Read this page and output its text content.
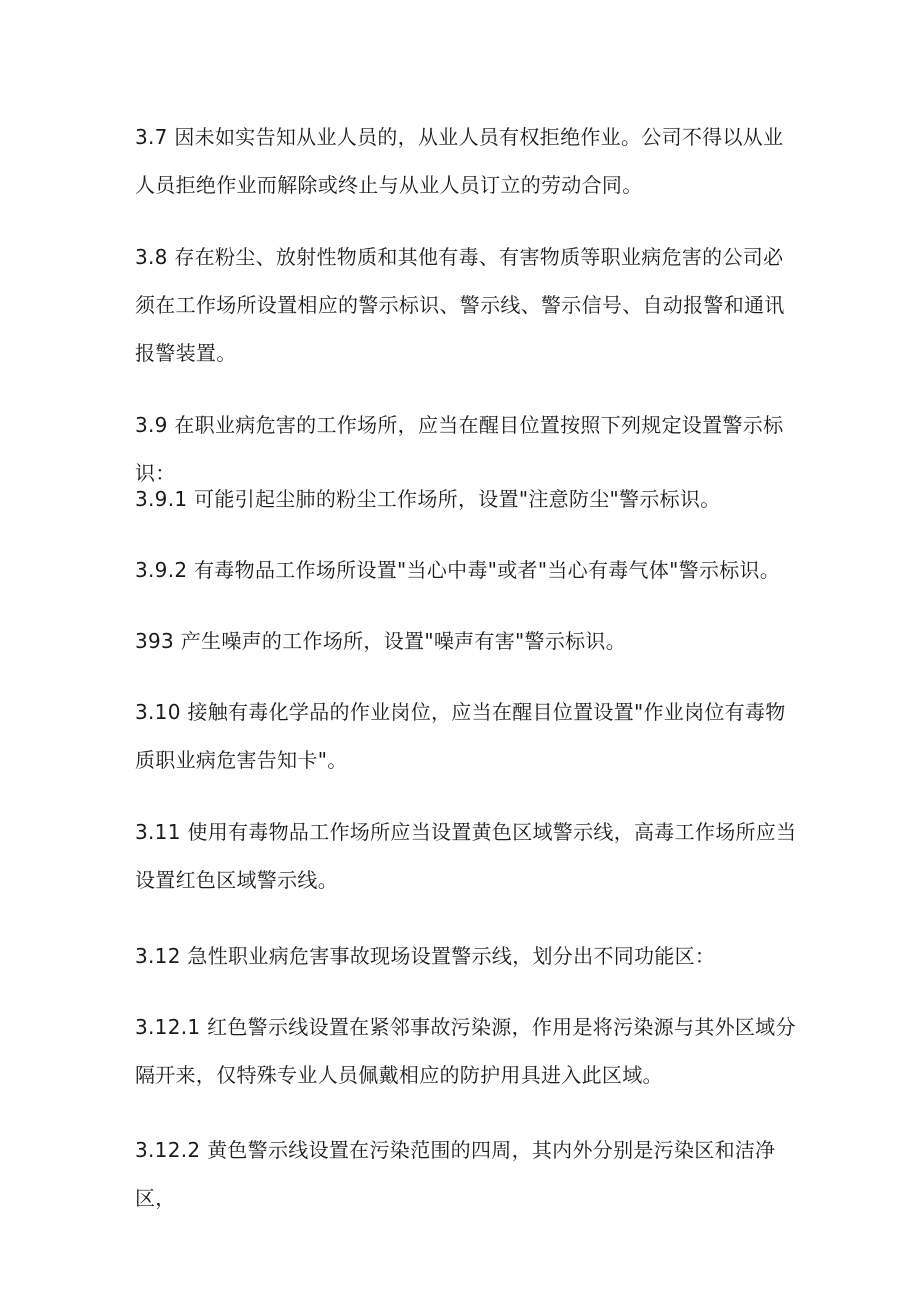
3.7 因未如实告知从业人员的，从业人员有权拒绝作业。公司不得以从业人员拒绝作业而解除或终止与从业人员订立的劳动合同。

3.8 存在粉尘、放射性物质和其他有毒、有害物质等职业病危害的公司必须在工作场所设置相应的警示标识、警示线、警示信号、自动报警和通讯报警装置。

3.9 在职业病危害的工作场所，应当在醒目位置按照下列规定设置警示标识：

3.9.1 可能引起尘肺的粉尘工作场所，设置"注意防尘"警示标识。

3.9.2 有毒物品工作场所设置"当心中毒"或者"当心有毒气体"警示标识。

393 产生噪声的工作场所，设置"噪声有害"警示标识。

3.10 接触有毒化学品的作业岗位，应当在醒目位置设置"作业岗位有毒物质职业病危害告知卡"。

3.11 使用有毒物品工作场所应当设置黄色区域警示线，高毒工作场所应当设置红色区域警示线。

3.12 急性职业病危害事故现场设置警示线，划分出不同功能区：

3.12.1 红色警示线设置在紧邻事故污染源，作用是将污染源与其外区域分隔开来，仅特殊专业人员佩戴相应的防护用具进入此区域。

3.12.2 黄色警示线设置在污染范围的四周，其内外分别是污染区和洁净区，
